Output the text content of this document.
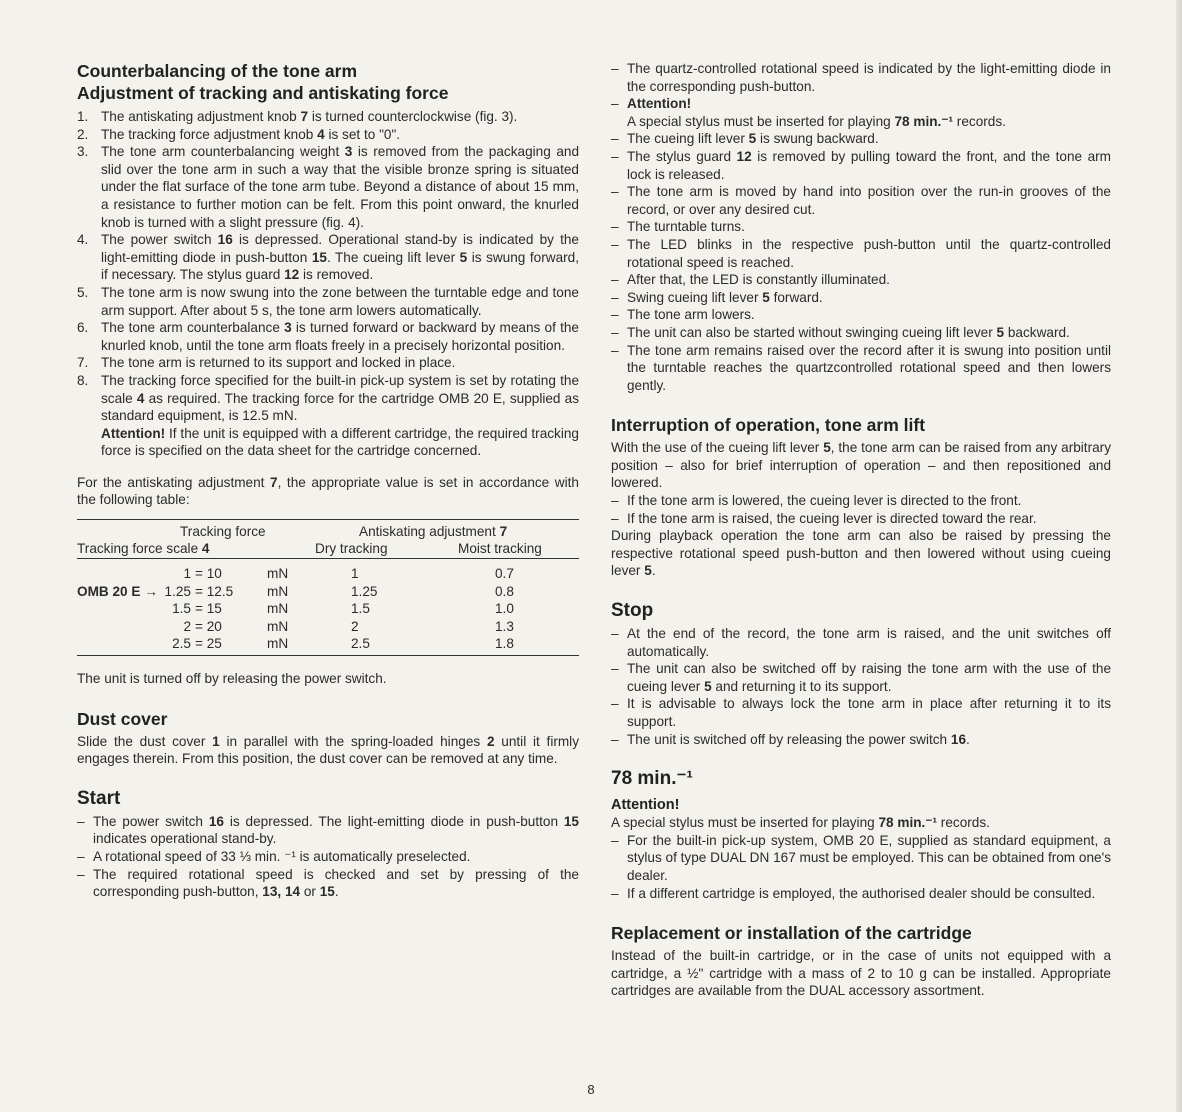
Counterbalancing of the tone arm
Adjustment of tracking and antiskating force
1. The antiskating adjustment knob 7 is turned counterclockwise (fig. 3).
2. The tracking force adjustment knob 4 is set to "0".
3. The tone arm counterbalancing weight 3 is removed from the packaging and slid over the tone arm in such a way that the visible bronze spring is situated under the flat surface of the tone arm tube. Beyond a distance of about 15 mm, a resistance to further motion can be felt. From this point onward, the knurled knob is turned with a slight pressure (fig. 4).
4. The power switch 16 is depressed. Operational stand-by is indicated by the light-emitting diode in push-button 15. The cueing lift lever 5 is swung forward, if necessary. The stylus guard 12 is removed.
5. The tone arm is now swung into the zone between the turntable edge and tone arm support. After about 5 s, the tone arm lowers automatically.
6. The tone arm counterbalance 3 is turned forward or backward by means of the knurled knob, until the tone arm floats freely in a precisely horizontal position.
7. The tone arm is returned to its support and locked in place.
8. The tracking force specified for the built-in pick-up system is set by rotating the scale 4 as required. The tracking force for the cartridge OMB 20 E, supplied as standard equipment, is 12.5 mN.
Attention! If the unit is equipped with a different cartridge, the required tracking force is specified on the data sheet for the cartridge concerned.

For the antiskating adjustment 7, the appropriate value is set in accordance with the following table:

Tracking force
Tracking force scale 4
Antiskating adjustment 7
Dry tracking	Moist tracking
1 = 10	mN	1	0.7
OMB 20 E → 1.25 = 12.5 mN	1.25	0.8
1.5 = 15	mN	1.5	1.0
2 = 20	mN	2	1.3
2.5 = 25	mN	2.5	1.8

The unit is turned off by releasing the power switch.

Dust cover

Slide the dust cover 1 in parallel with the spring-loaded hinges 2 until it firmly engages therein. From this position, the dust cover can be removed at any time.

Start
– The power switch 16 is depressed. The light-emitting diode in push-button 15 indicates operational stand-by.
– A rotational speed of 33 ⅓ min. ⁻¹ is automatically preselected.
– The required rotational speed is checked and set by pressing of the corresponding push-button, 13, 14 or 15.
– The quartz-controlled rotational speed is indicated by the light-emitting diode in the corresponding push-button.
– Attention!
A special stylus must be inserted for playing 78 min.⁻¹ records.
– The cueing lift lever 5 is swung backward.
– The stylus guard 12 is removed by pulling toward the front, and the tone arm lock is released.
– The tone arm is moved by hand into position over the run-in grooves of the record, or over any desired cut.
– The turntable turns.
– The LED blinks in the respective push-button until the quartz-controlled rotational speed is reached.
– After that, the LED is constantly illuminated.
– Swing cueing lift lever 5 forward.
– The tone arm lowers.
– The unit can also be started without swinging cueing lift lever 5 backward.
– The tone arm remains raised over the record after it is swung into position until the turntable reaches the quartzcontrolled rotational speed and then lowers gently.
Interruption of operation, tone arm lift

With the use of the cueing lift lever 5, the tone arm can be raised from any arbitrary position – also for brief interruption of operation – and then repositioned and lowered.

– If the tone arm is lowered, the cueing lever is directed to the front.
– If the tone arm is raised, the cueing lever is directed toward the rear.

During playback operation the tone arm can also be raised by pressing the respective rotational speed push-button and then lowered without using cueing lever 5.

Stop
– At the end of the record, the tone arm is raised, and the unit switches off automatically.
– The unit can also be switched off by raising the tone arm with the use of the cueing lever 5 and returning it to its support.
– It is advisable to always lock the tone arm in place after returning it to its support.
– The unit is switched off by releasing the power switch 16.
78 min.⁻¹
Attention!

A special stylus must be inserted for playing 78 min.⁻¹ records.

– For the built-in pick-up system, OMB 20 E, supplied as standard equipment, a stylus of type DUAL DN 167 must be employed. This can be obtained from one's dealer.
– If a different cartridge is employed, the authorised dealer should be consulted.
Replacement or installation of the cartridge

Instead of the built-in cartridge, or in the case of units not equipped with a cartridge, a ½" cartridge with a mass of 2 to 10 g can be installed. Appropriate cartridges are available from the DUAL accessory assortment.

8
